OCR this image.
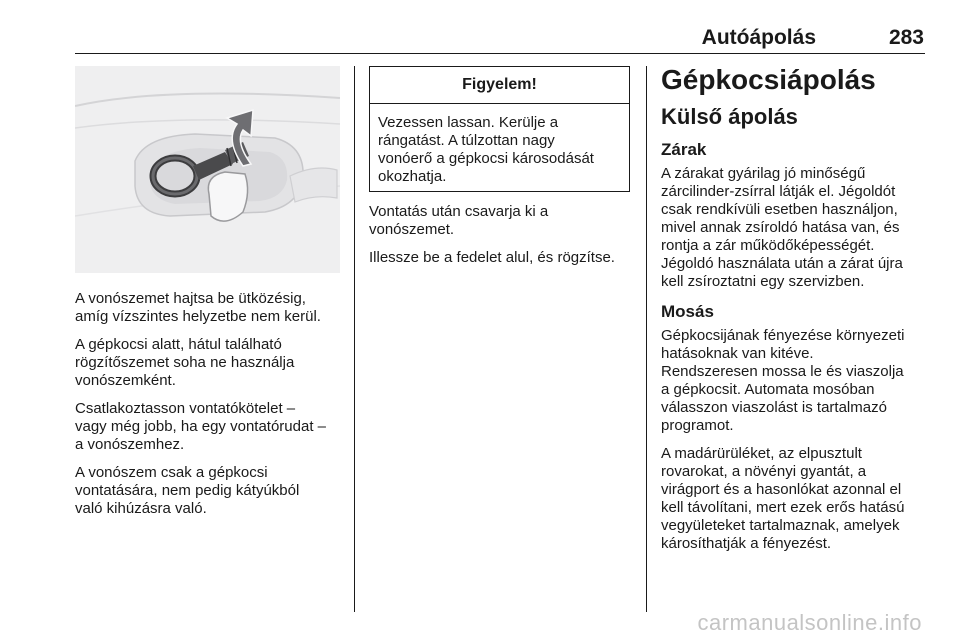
Autóápolás	283

A vonószemet hajtsa be ütközésig,
amíg vízszintes helyzetbe nem kerül.

A gépkocsi alatt, hátul található
rögzítőszemet soha ne használja
vonószemként.

Csatlakoztasson vontatókötelet –
vagy még jobb, ha egy vontatórudat –
a vonószemhez.

A vonószem csak a gépkocsi
vontatására, nem pedig kátyúkból
való kihúzásra való.

Figyelem!
Vezessen lassan. Kerülje a
rángatást. A túlzottan nagy
vonóerő a gépkocsi károsodását
okozhatja.

Vontatás után csavarja ki a
vonószemet.

Illessze be a fedelet alul, és rögzítse.

Gépkocsiápolás
Külső ápolás
Zárak

A zárakat gyárilag jó minőségű
zárcilinder-zsírral látják el. Jégoldót
csak rendkívüli esetben használjon,
mivel annak zsíroldó hatása van, és
rontja a zár működőképességét.
Jégoldó használata után a zárat újra
kell zsíroztatni egy szervizben.

Mosás

Gépkocsijának fényezése környezeti
hatásoknak van kitéve.
Rendszeresen mossa le és viaszolja
a gépkocsit. Automata mosóban
válasszon viaszolást is tartalmazó
programot.

A madárürüléket, az elpusztult
rovarokat, a növényi gyantát, a
virágport és a hasonlókat azonnal el
kell távolítani, mert ezek erős hatású
vegyületeket tartalmaznak, amelyek
károsíthatják a fényezést.

carmanualsonline.info
